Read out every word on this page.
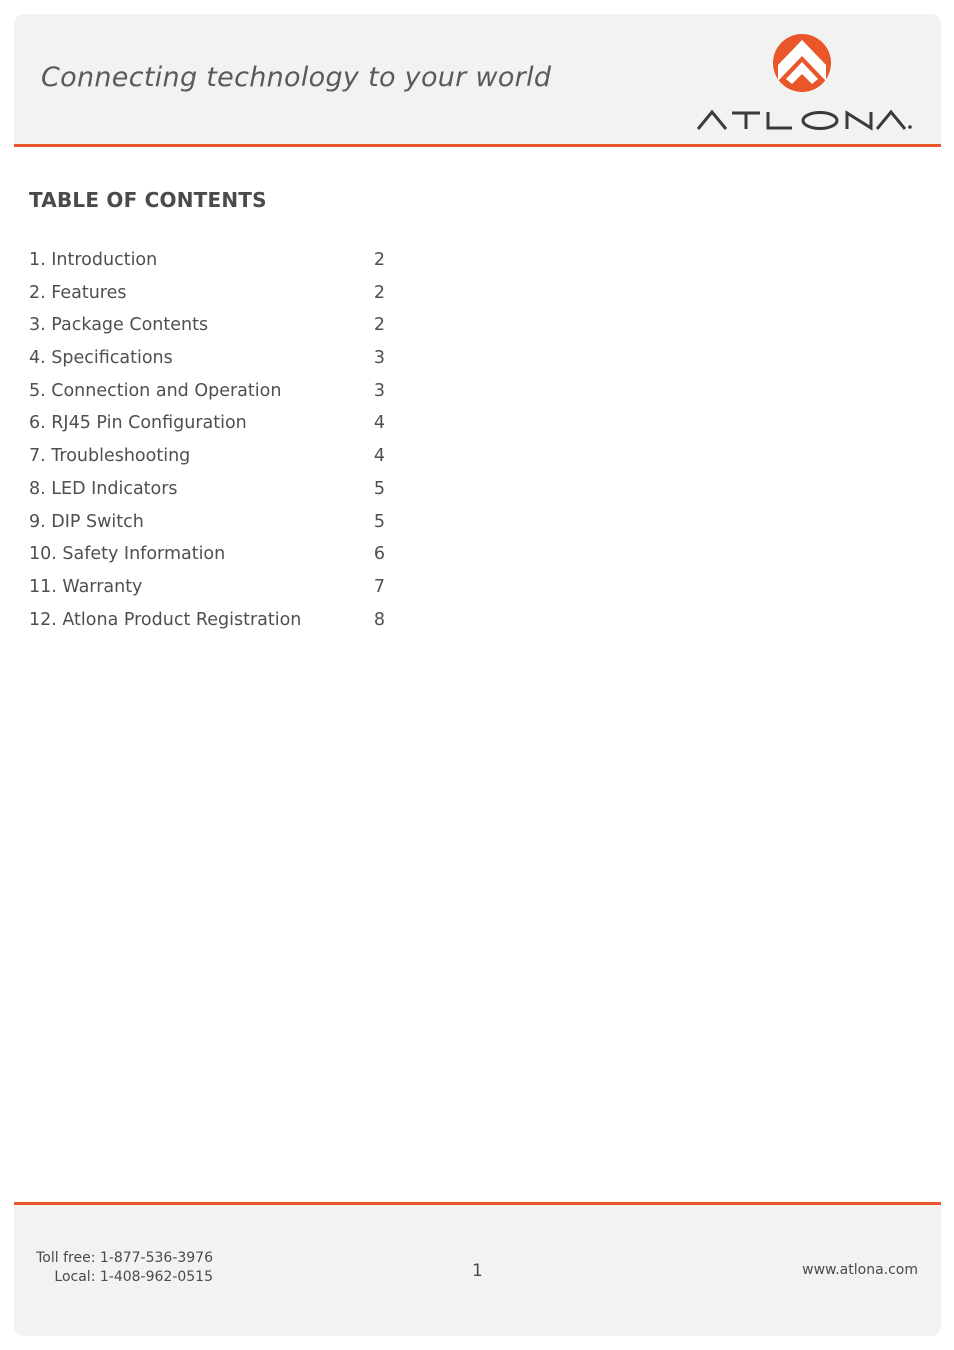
Connecting technology to your world
TABLE OF CONTENTS
1. Introduction	2
2. Features	2
3. Package Contents	2
4. Specifications	3
5. Connection and Operation	3
6. RJ45 Pin Configuration	4
7. Troubleshooting	4
8. LED Indicators	5
9. DIP Switch	5
10. Safety Information	6
11. Warranty	7
12. Atlona Product Registration	8
Toll free: 1-877-536-3976
Local: 1-408-962-0515	1	www.atlona.com
